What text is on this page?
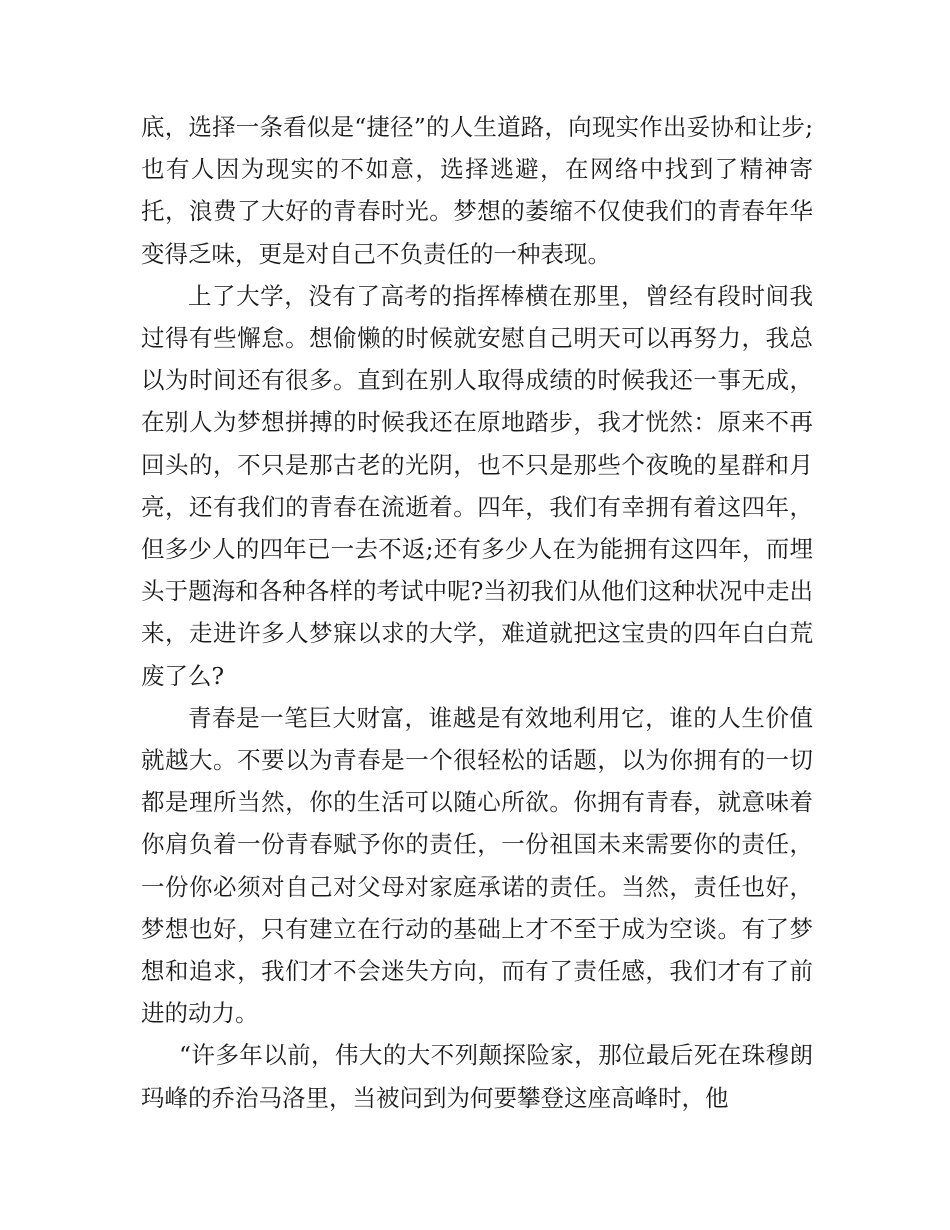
底，选择一条看似是“捷径”的人生道路，向现实作出妥协和让步;也有人因为现实的不如意，选择逃避，在网络中找到了精神寄托，浪费了大好的青春时光。梦想的萎缩不仅使我们的青春年华变得乏味，更是对自己不负责任的一种表现。

上了大学，没有了高考的指挥棒横在那里，曾经有段时间我过得有些懈怠。想偷懒的时候就安慰自己明天可以再努力，我总以为时间还有很多。直到在别人取得成绩的时候我还一事无成，在别人为梦想拼搏的时候我还在原地踏步，我才恍然：原来不再回头的，不只是那古老的光阴，也不只是那些个夜晚的星群和月亮，还有我们的青春在流逝着。四年，我们有幸拥有着这四年，但多少人的四年已一去不返;还有多少人在为能拥有这四年，而埋头于题海和各种各样的考试中呢?当初我们从他们这种状况中走出来，走进许多人梦寐以求的大学，难道就把这宝贵的四年白白荒废了么?

青春是一笔巨大财富，谁越是有效地利用它，谁的人生价值就越大。不要以为青春是一个很轻松的话题，以为你拥有的一切都是理所当然，你的生活可以随心所欲。你拥有青春，就意味着你肩负着一份青春赋予你的责任，一份祖国未来需要你的责任，一份你必须对自己对父母对家庭承诺的责任。当然，责任也好，梦想也好，只有建立在行动的基础上才不至于成为空谈。有了梦想和追求，我们才不会迷失方向，而有了责任感，我们才有了前进的动力。

“许多年以前，伟大的大不列颠探险家，那位最后死在珠穆朗玛峰的乔治马洛里，当被问到为何要攀登这座高峰时，他
